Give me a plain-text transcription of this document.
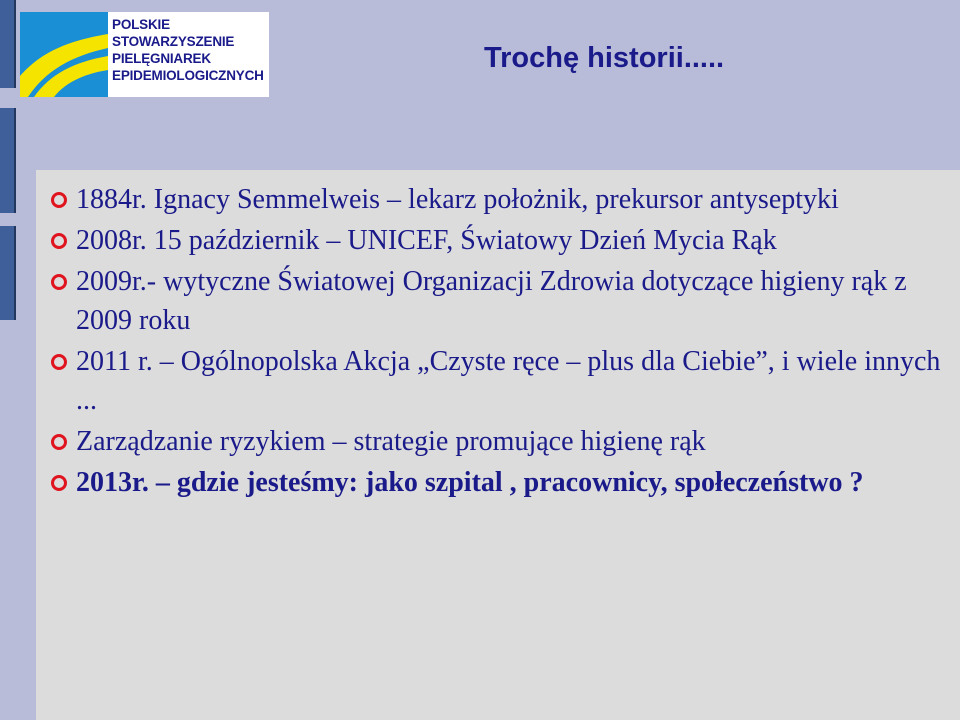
POLSKIE
STOWARZYSZENIE
PIELĘGNIAREK
EPIDEMIOLOGICZNYCH
Trochę historii.....
1884r. Ignacy Semmelweis – lekarz położnik, prekursor antyseptyki
2008r. 15 październik – UNICEF, Światowy Dzień Mycia Rąk
2009r.- wytyczne Światowej Organizacji Zdrowia dotyczące higieny rąk z 2009 roku
2011 r. – Ogólnopolska Akcja „Czyste ręce – plus dla Ciebie”, i wiele innych ...
Zarządzanie ryzykiem – strategie promujące higienę rąk
2013r. – gdzie jesteśmy: jako szpital , pracownicy, społeczeństwo ?
